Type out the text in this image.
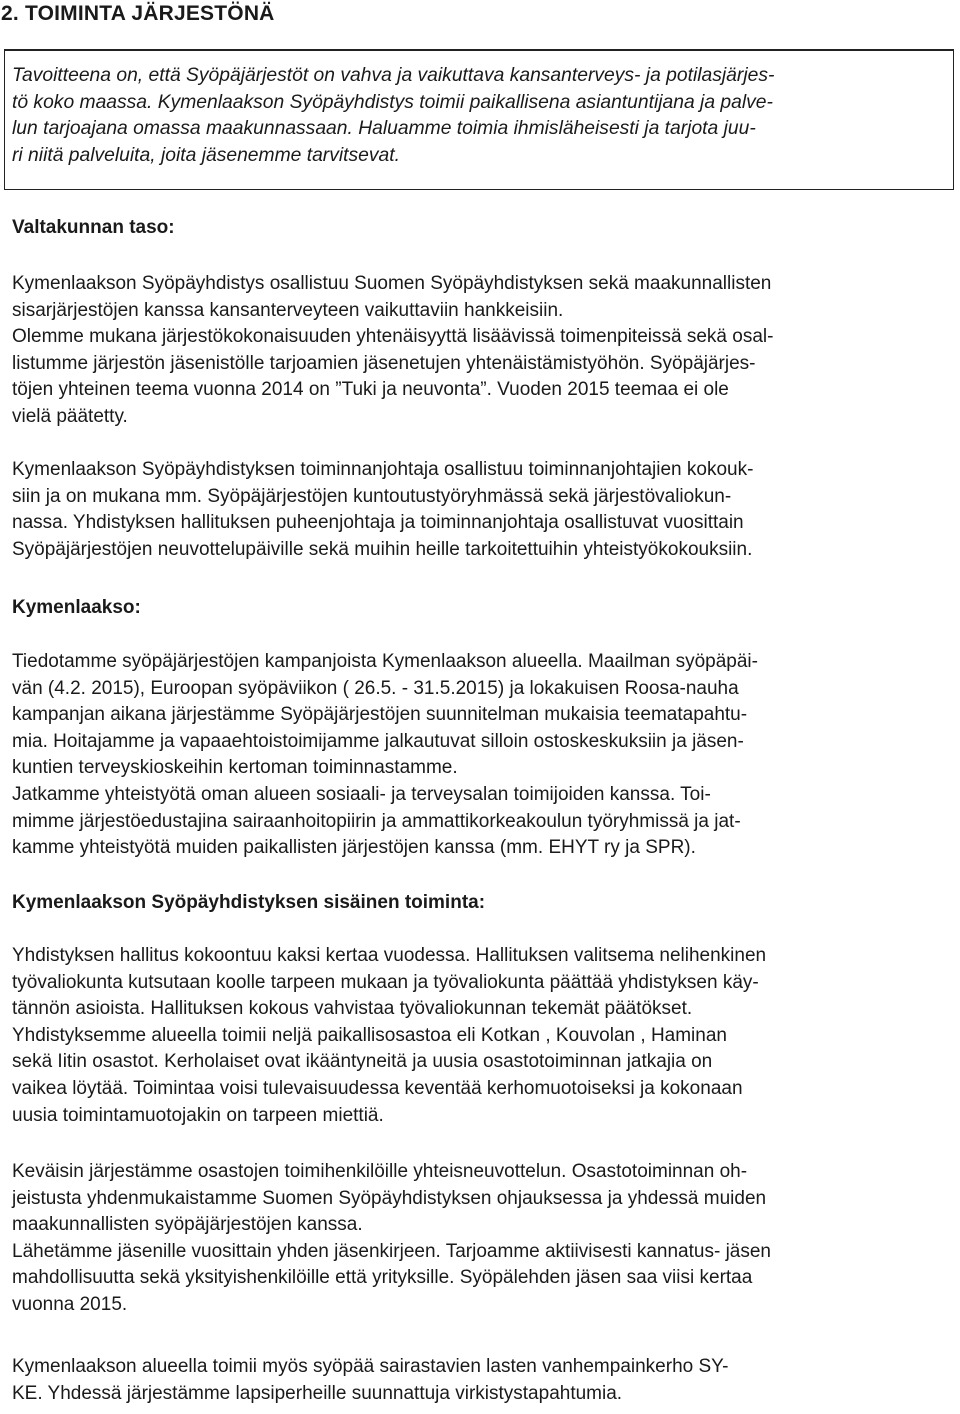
2. TOIMINTA JÄRJESTÖNÄ

Tavoitteena on, että Syöpäjärjestöt on vahva ja vaikuttava kansanterveys- ja potilasjärjes-
tö koko maassa. Kymenlaakson Syöpäyhdistys toimii paikallisena asiantuntijana ja palve-
lun tarjoajana omassa maakunnassaan. Haluamme toimia ihmisläheisesti ja tarjota juu-
ri niitä palveluita, joita jäsenemme tarvitsevat.

Valtakunnan taso:

Kymenlaakson Syöpäyhdistys osallistuu Suomen Syöpäyhdistyksen sekä maakunnallisten
sisarjärjestöjen kanssa kansanterveyteen vaikuttaviin hankkeisiin.
Olemme mukana järjestökokonaisuuden yhtenäisyyttä lisäävissä toimenpiteissä sekä osal-
listumme järjestön jäsenistölle tarjoamien jäsenetujen yhtenäistämistyöhön. Syöpäjärjes-
töjen yhteinen teema vuonna 2014 on ”Tuki ja neuvonta”. Vuoden 2015 teemaa ei ole
vielä päätetty.

Kymenlaakson Syöpäyhdistyksen toiminnanjohtaja osallistuu toiminnanjohtajien kokouk-
siin ja on mukana mm. Syöpäjärjestöjen kuntoutustyöryhmässä sekä järjestövaliokun-
nassa. Yhdistyksen hallituksen puheenjohtaja ja toiminnanjohtaja osallistuvat vuosittain
Syöpäjärjestöjen neuvottelupäiville sekä muihin heille tarkoitettuihin yhteistyökokouksiin.

Kymenlaakso:

Tiedotamme syöpäjärjestöjen kampanjoista Kymenlaakson alueella. Maailman syöpäpäi-
vän (4.2. 2015), Euroopan syöpäviikon ( 26.5. - 31.5.2015) ja lokakuisen Roosa-nauha
kampanjan aikana järjestämme Syöpäjärjestöjen suunnitelman mukaisia teematapahtu-
mia. Hoitajamme ja vapaaehtoistoimijamme jalkautuvat silloin ostoskeskuksiin ja jäsen-
kuntien terveyskioskeihin kertoman toiminnastamme.
Jatkamme yhteistyötä oman alueen sosiaali- ja terveysalan toimijoiden kanssa. Toi-
mimme järjestöedustajina sairaanhoitopiirin ja ammattikorkeakoulun työryhmissä ja jat-
kamme yhteistyötä muiden paikallisten järjestöjen kanssa (mm. EHYT ry ja SPR).

Kymenlaakson Syöpäyhdistyksen sisäinen toiminta:

Yhdistyksen hallitus kokoontuu kaksi kertaa vuodessa. Hallituksen valitsema nelihenkinen
työvaliokunta kutsutaan koolle tarpeen mukaan ja työvaliokunta päättää yhdistyksen käy-
tännön asioista. Hallituksen kokous vahvistaa työvaliokunnan tekemät päätökset.
Yhdistyksemme alueella toimii neljä paikallisosastoa eli Kotkan , Kouvolan , Haminan
sekä Iitin osastot. Kerholaiset ovat ikääntyneitä ja uusia osastotoiminnan jatkajia on
vaikea löytää. Toimintaa voisi tulevaisuudessa keventää kerhomuotoiseksi ja kokonaan
uusia toimintamuotojakin on tarpeen miettiä.

Keväisin järjestämme osastojen toimihenkilöille yhteisneuvottelun. Osastotoiminnan oh-
jeistusta yhdenmukaistamme Suomen Syöpäyhdistyksen ohjauksessa ja yhdessä muiden
maakunnallisten syöpäjärjestöjen kanssa.
Lähetämme jäsenille vuosittain yhden jäsenkirjeen. Tarjoamme aktiivisesti kannatus- jäsen
mahdollisuutta sekä yksityishenkilöille että yrityksille. Syöpälehden jäsen saa viisi kertaa
vuonna 2015.

Kymenlaakson alueella toimii myös syöpää sairastavien lasten vanhempainkerho SY-
KE. Yhdessä järjestämme lapsiperheille suunnattuja virkistystapahtumia.
